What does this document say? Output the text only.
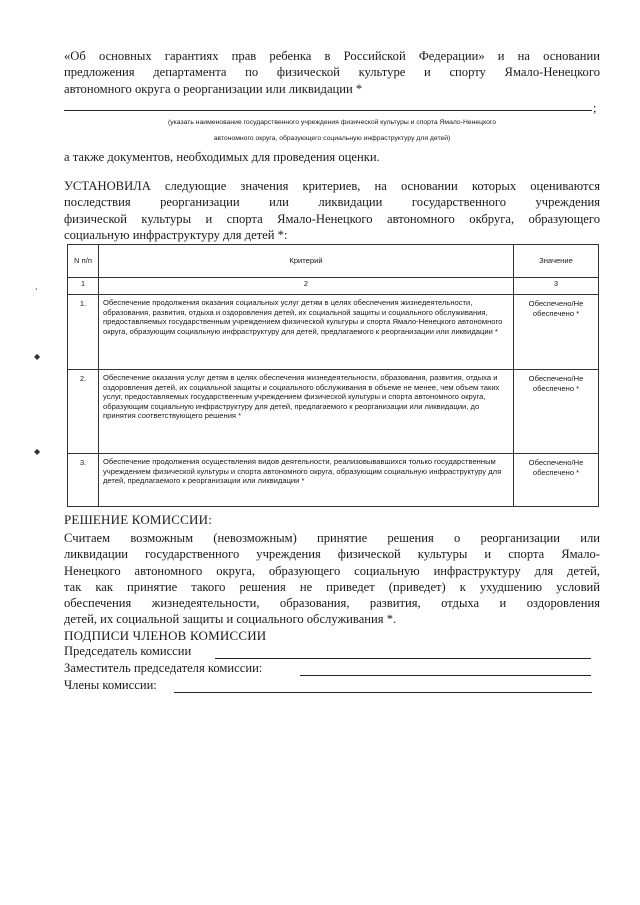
«Об основных гарантиях прав ребенка в Российской Федерации» и на основании
предложения департамента по физической культуре и спорту Ямало-Ненецкого
автономного округа о реорганизации или ликвидации *
;
(указать наименование государственного учреждения физической культуры и спорта Ямало-Ненецкого
автономного округа, образующего социальную инфраструктуру для детей)
а также документов, необходимых для проведения оценки.
УСТАНОВИЛА следующие значения критериев, на основании которых оцениваются
последствия реорганизации или ликвидации государственного учреждения
физической культуры и спорта Ямало-Ненецкого автономного окбруга, образующего
социальную инфраструктуру для детей *:
N п/п	Критерий	Значение
1	2	3
1.	Обеспечение продолжения оказания социальных услуг детям в целях обеспечения жизнедеятельности, образования, развития, отдыха и оздоровления детей, их социальной защиты и социального обслуживания, предоставляемых государственным учреждением физической культуры и спорта Ямало-Ненецкого автономного округа, образующим социальную инфраструктуру для детей, предлагаемого к реорганизации или ликвидации *	Обеспечено/Не обеспечено *
2.	Обеспечение оказания услуг детям в целях обеспечения жизнедеятельности, образования, развития, отдыха и оздоровления детей, их социальной защиты и социального обслуживания в объеме не менее, чем объем таких услуг, предоставляемых государственным учреждением физической культуры и спорта автономного округа, образующим социальную инфраструктуру для детей, предлагаемого к реорганизации или ликвидации, до принятия соответствующего решения *	Обеспечено/Не обеспечено *
3.	Обеспечение продолжения осуществления видов деятельности, реализовывавшихся только государственным учреждением физической культуры и спорта автономного округа, образующим социальную инфраструктуру для детей, предлагаемого к реорганизации или ликвидации *	Обеспечено/Не обеспечено *
РЕШЕНИЕ КОМИССИИ:
Считаем возможным (невозможным) принятие решения о реорганизации или
ликвидации государственного учреждения физической культуры и спорта Ямало-
Ненецкого автономного округа, образующего социальную инфраструктуру для детей,
так как принятие такого решения не приведет (приведет) к ухудшению условий
обеспечения жизнедеятельности, образования, развития, отдыха и оздоровления
детей, их социальной защиты и социального обслуживания *.
ПОДПИСИ ЧЛЕНОВ КОМИССИИ
Председатель комиссии
Заместитель председателя комиссии:
Члены комиссии:
ʻ
◆
◆
